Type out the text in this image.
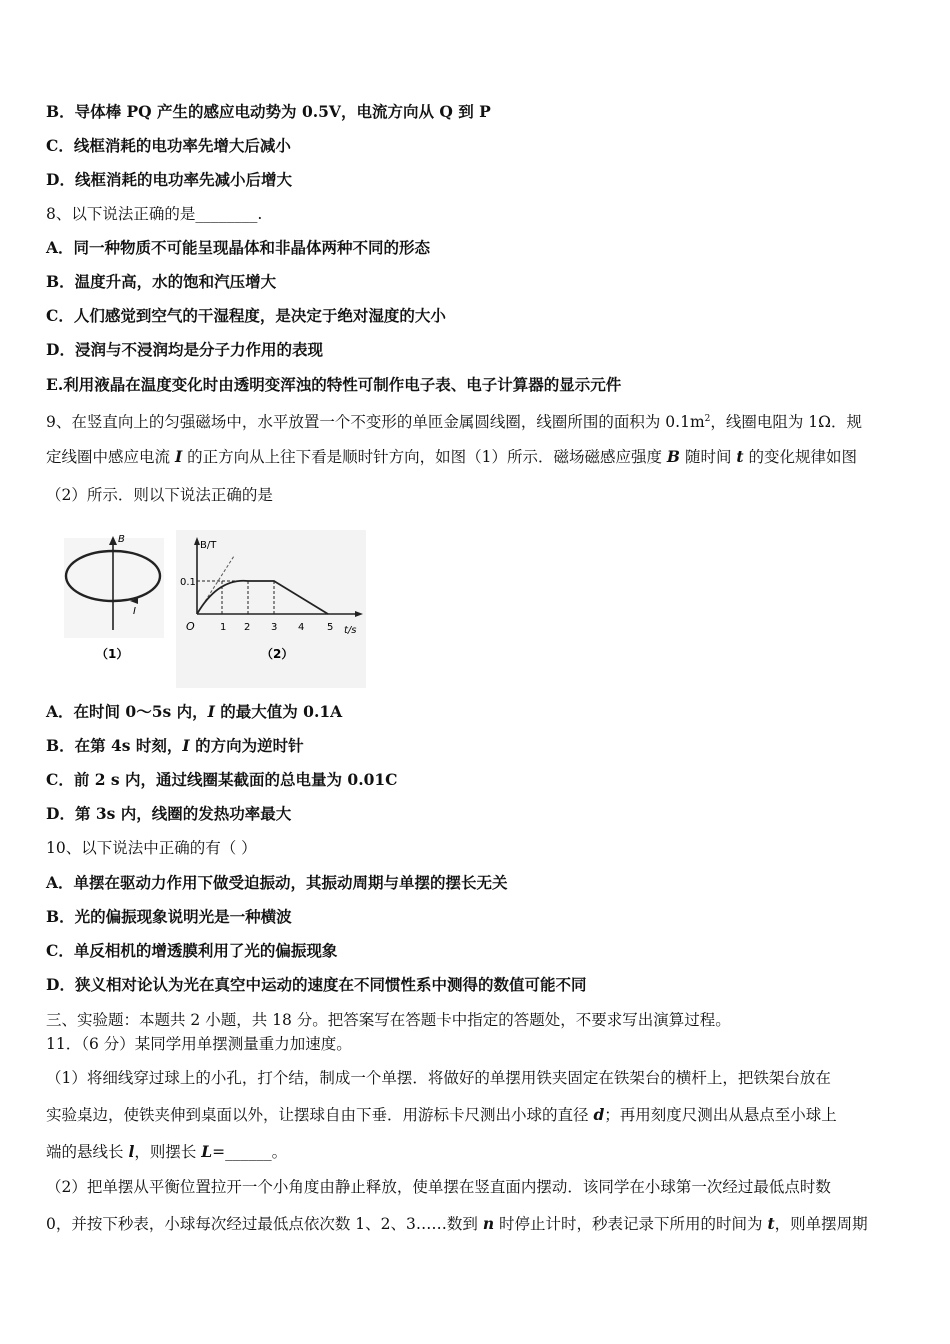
B．导体棒 PQ 产生的感应电动势为 0.5V，电流方向从 Q 到 P
C．线框消耗的电功率先增大后减小
D．线框消耗的电功率先减小后增大
8、以下说法正确的是________.
A．同一种物质不可能呈现晶体和非晶体两种不同的形态
B．温度升高，水的饱和汽压增大
C．人们感觉到空气的干湿程度，是决定于绝对湿度的大小
D．浸润与不浸润均是分子力作用的表现
E.利用液晶在温度变化时由透明变浑浊的特性可制作电子表、电子计算器的显示元件
9、在竖直向上的匀强磁场中，水平放置一个不变形的单匝金属圆线圈，线圈所围的面积为 $0.1m^2$，线圈电阻为 1Ω．规
定线圈中感应电流 I 的正方向从上往下看是顺时针方向，如图（1）所示．磁场磁感应强度 B 随时间 t 的变化规律如图
（2）所示．则以下说法正确的是
B
I
（1）
B/T
0.1
O	1 2 3 4 5 t/s
（2）
A．在时间 0～5s 内，I 的最大值为 0.1A
B．在第 4s 时刻，I 的方向为逆时针
C．前 2 s 内，通过线圈某截面的总电量为 0.01C
D．第 3s 内，线圈的发热功率最大
10、以下说法中正确的有（ ）
A．单摆在驱动力作用下做受迫振动，其振动周期与单摆的摆长无关
B．光的偏振现象说明光是一种横波
C．单反相机的增透膜利用了光的偏振现象
D．狭义相对论认为光在真空中运动的速度在不同惯性系中测得的数值可能不同
三、实验题：本题共 2 小题，共 18 分。把答案写在答题卡中指定的答题处，不要求写出演算过程。
11．（6 分）某同学用单摆测量重力加速度。
（1）将细线穿过球上的小孔，打个结，制成一个单摆．将做好的单摆用铁夹固定在铁架台的横杆上，把铁架台放在
实验桌边，使铁夹伸到桌面以外，让摆球自由下垂．用游标卡尺测出小球的直径 d；再用刻度尺测出从悬点至小球上
端的悬线长 l，则摆长 L=______。
（2）把单摆从平衡位置拉开一个小角度由静止释放，使单摆在竖直面内摆动．该同学在小球第一次经过最低点时数
0，并按下秒表，小球每次经过最低点依次数 1、2、3……数到 n 时停止计时，秒表记录下所用的时间为 t，则单摆周期
